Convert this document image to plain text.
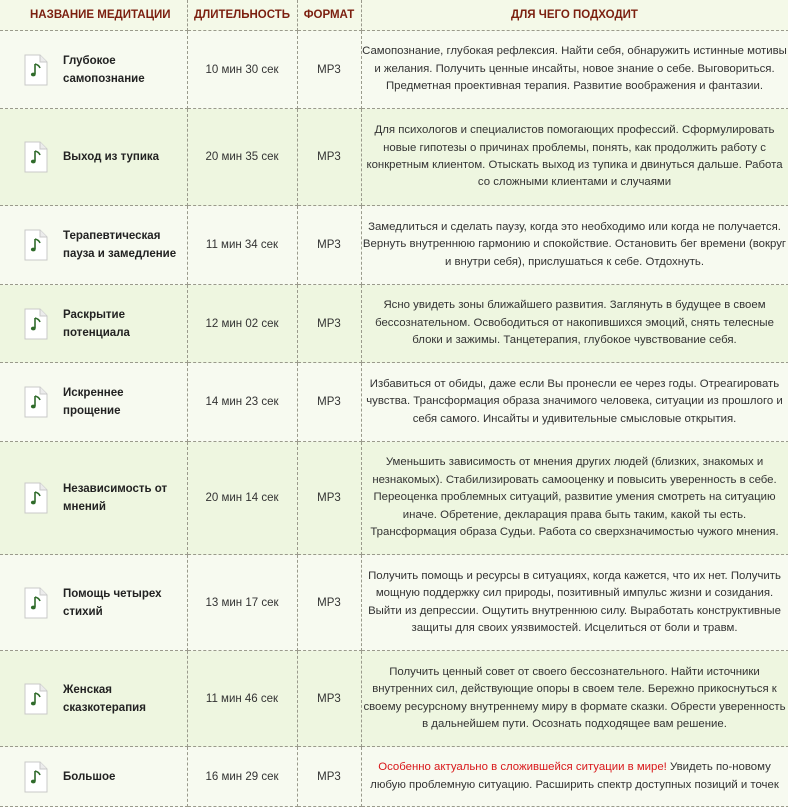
НАЗВАНИЕ МЕДИТАЦИИ	ДЛИТЕЛЬНОСТЬ	ФОРМАТ	ДЛЯ ЧЕГО ПОДХОДИТ

Глубокое
самопознание	10 мин 30 сек	MP3	Самопознание, глубокая рефлексия. Найти себя, обнаружить истинные мотивы и желания. Получить ценные инсайты, новое знание о себе. Выговориться. Предметная проективная терапия. Развитие воображения и фантазии.

Выход из тупика	20 мин 35 сек	MP3	Для психологов и специалистов помогающих профессий. Сформулировать новые гипотезы о причинах проблемы, понять, как продолжить работу с конкретным клиентом. Отыскать выход из тупика и двинуться дальше. Работа со сложными клиентами и случаями

Терапевтическая
пауза и замедление	11 мин 34 сек	MP3	Замедлиться и сделать паузу, когда это необходимо или когда не получается. Вернуть внутреннюю гармонию и спокойствие. Остановить бег времени (вокруг и внутри себя), прислушаться к себе. Отдохнуть.

Раскрытие
потенциала	12 мин 02 сек	MP3	Ясно увидеть зоны ближайшего развития. Заглянуть в будущее в своем бессознательном. Освободиться от накопившихся эмоций, снять телесные блоки и зажимы. Танцетерапия, глубокое чувствование себя.

Искреннее
прощение	14 мин 23 сек	MP3	Избавиться от обиды, даже если Вы пронесли ее через годы. Отреагировать чувства. Трансформация образа значимого человека, ситуации из прошлого и себя самого. Инсайты и удивительные смысловые открытия.

Независимость от
мнений	20 мин 14 сек	MP3	Уменьшить зависимость от мнения других людей (близких, знакомых и незнакомых). Стабилизировать самооценку и повысить уверенность в себе. Переоценка проблемных ситуаций, развитие умения смотреть на ситуацию иначе. Обретение, декларация права быть таким, какой ты есть. Трансформация образа Судьи. Работа со сверхзначимостью чужого мнения.

Помощь четырех
стихий	13 мин 17 сек	MP3	Получить помощь и ресурсы в ситуациях, когда кажется, что их нет. Получить мощную поддержку сил природы, позитивный импульс жизни и созидания. Выйти из депрессии. Ощутить внутреннюю силу. Выработать конструктивные защиты для своих уязвимостей. Исцелиться от боли и травм.

Женская
сказкотерапия	11 мин 46 сек	MP3	Получить ценный совет от своего бессознательного. Найти источники внутренних сил, действующие опоры в своем теле. Бережно прикоснуться к своему ресурсному внутреннему миру в формате сказки. Обрести уверенность в дальнейшем пути. Осознать подходящее вам решение.

Большое	16 мин 29 сек	MP3	Особенно актуально в сложившейся ситуации в мире! Увидеть по-новому любую проблемную ситуацию. Расширить спектр доступных позиций и точек
